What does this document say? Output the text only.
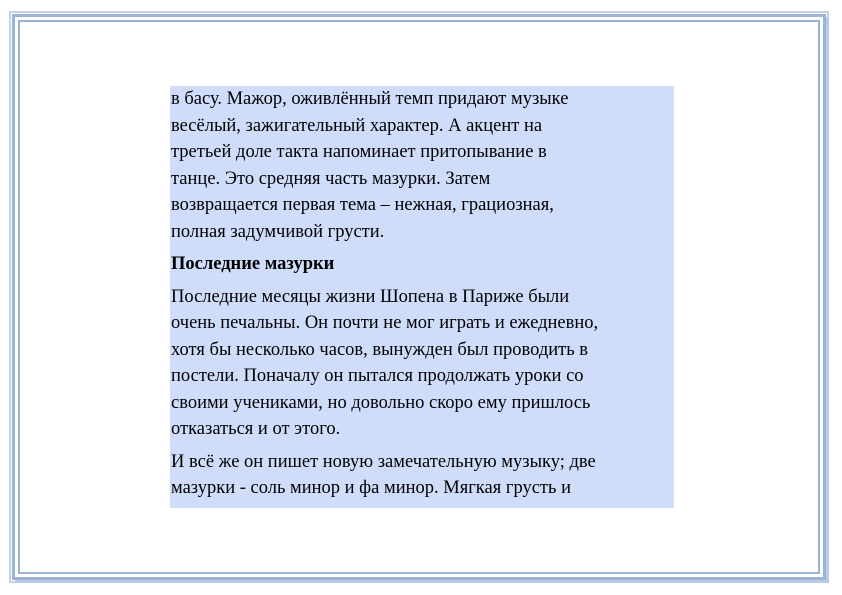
в басу. Мажор, оживлённый темп придают музыке
весёлый, зажигательный характер. А акцент на
третьей доле такта напоминает притопывание в
танце. Это средняя часть мазурки. Затем
возвращается первая тема – нежная, грациозная,
полная задумчивой грусти.

Последние мазурки

Последние месяцы жизни Шопена в Париже были
очень печальны. Он почти не мог играть и ежедневно,
хотя бы несколько часов, вынужден был проводить в
постели. Поначалу он пытался продолжать уроки со
своими учениками, но довольно скоро ему пришлось
отказаться и от этого.

И всё же он пишет новую замечательную музыку; две
мазурки - соль минор и фа минор. Мягкая грусть и
